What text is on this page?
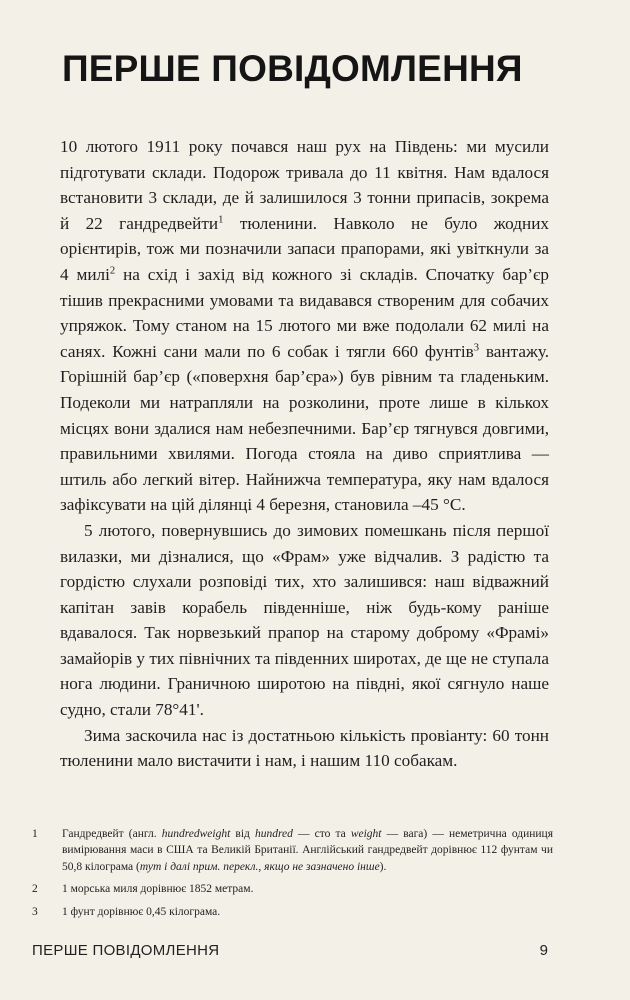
ПЕРШЕ ПОВІДОМЛЕННЯ

10 лютого 1911 року почався наш рух на Південь: ми мусили підготувати склади. Подорож тривала до 11 квітня. Нам вдалося встановити 3 склади, де й залишилося 3 тонни припасів, зокрема й 22 гандредвейти$^1$ тюленини. Навколо не було жодних орієнтирів, тож ми позначили запаси прапорами, які увіткнули за 4 милі$^2$ на схід і захід від кожного зі складів. Спочатку бар’єр тішив прекрасними умовами та видавався створеним для собачих упряжок. Тому станом на 15 лютого ми вже подолали 62 милі на санях. Кожні сани мали по 6 собак і тягли 660 фунтів$^3$ вантажу. Горішній бар’єр («поверхня бар’єра») був рівним та гладеньким. Подеколи ми натрапляли на розколини, проте лише в кількох місцях вони здалися нам небезпечними. Бар’єр тягнувся довгими, правильними хвилями. Погода стояла на диво сприятлива — штиль або легкий вітер. Найнижча температура, яку нам вдалося зафіксувати на цій ділянці 4 березня, становила –45 °С.

5 лютого, повернувшись до зимових помешкань після першої вилазки, ми дізналися, що «Фрам» уже відчалив. З радістю та гордістю слухали розповіді тих, хто залишився: наш відважний капітан завів корабель південніше, ніж будь-кому раніше вдавалося. Так норвезький прапор на старому доброму «Фрамі» замайорів у тих північних та південних широтах, де ще не ступала нога людини. Граничною широтою на півдні, якої сягнуло наше судно, стали 78°41'.

Зима заскочила нас із достатньою кількість провіанту: 60 тонн тюленини мало вистачити і нам, і нашим 110 собакам.

1	Гандредвейт (англ. hundredweight від hundred — сто та weight — вага) — неметрична одиниця вимірювання маси в США та Великій Британії. Англійський гандредвейт дорівнює 112 фунтам чи 50,8 кілограма (тут і далі прим. перекл., якщо не зазначено інше).
2	1 морська миля дорівнює 1852 метрам.
3	1 фунт дорівнює 0,45 кілограма.
ПЕРШЕ ПОВІДОМЛЕННЯ	9
